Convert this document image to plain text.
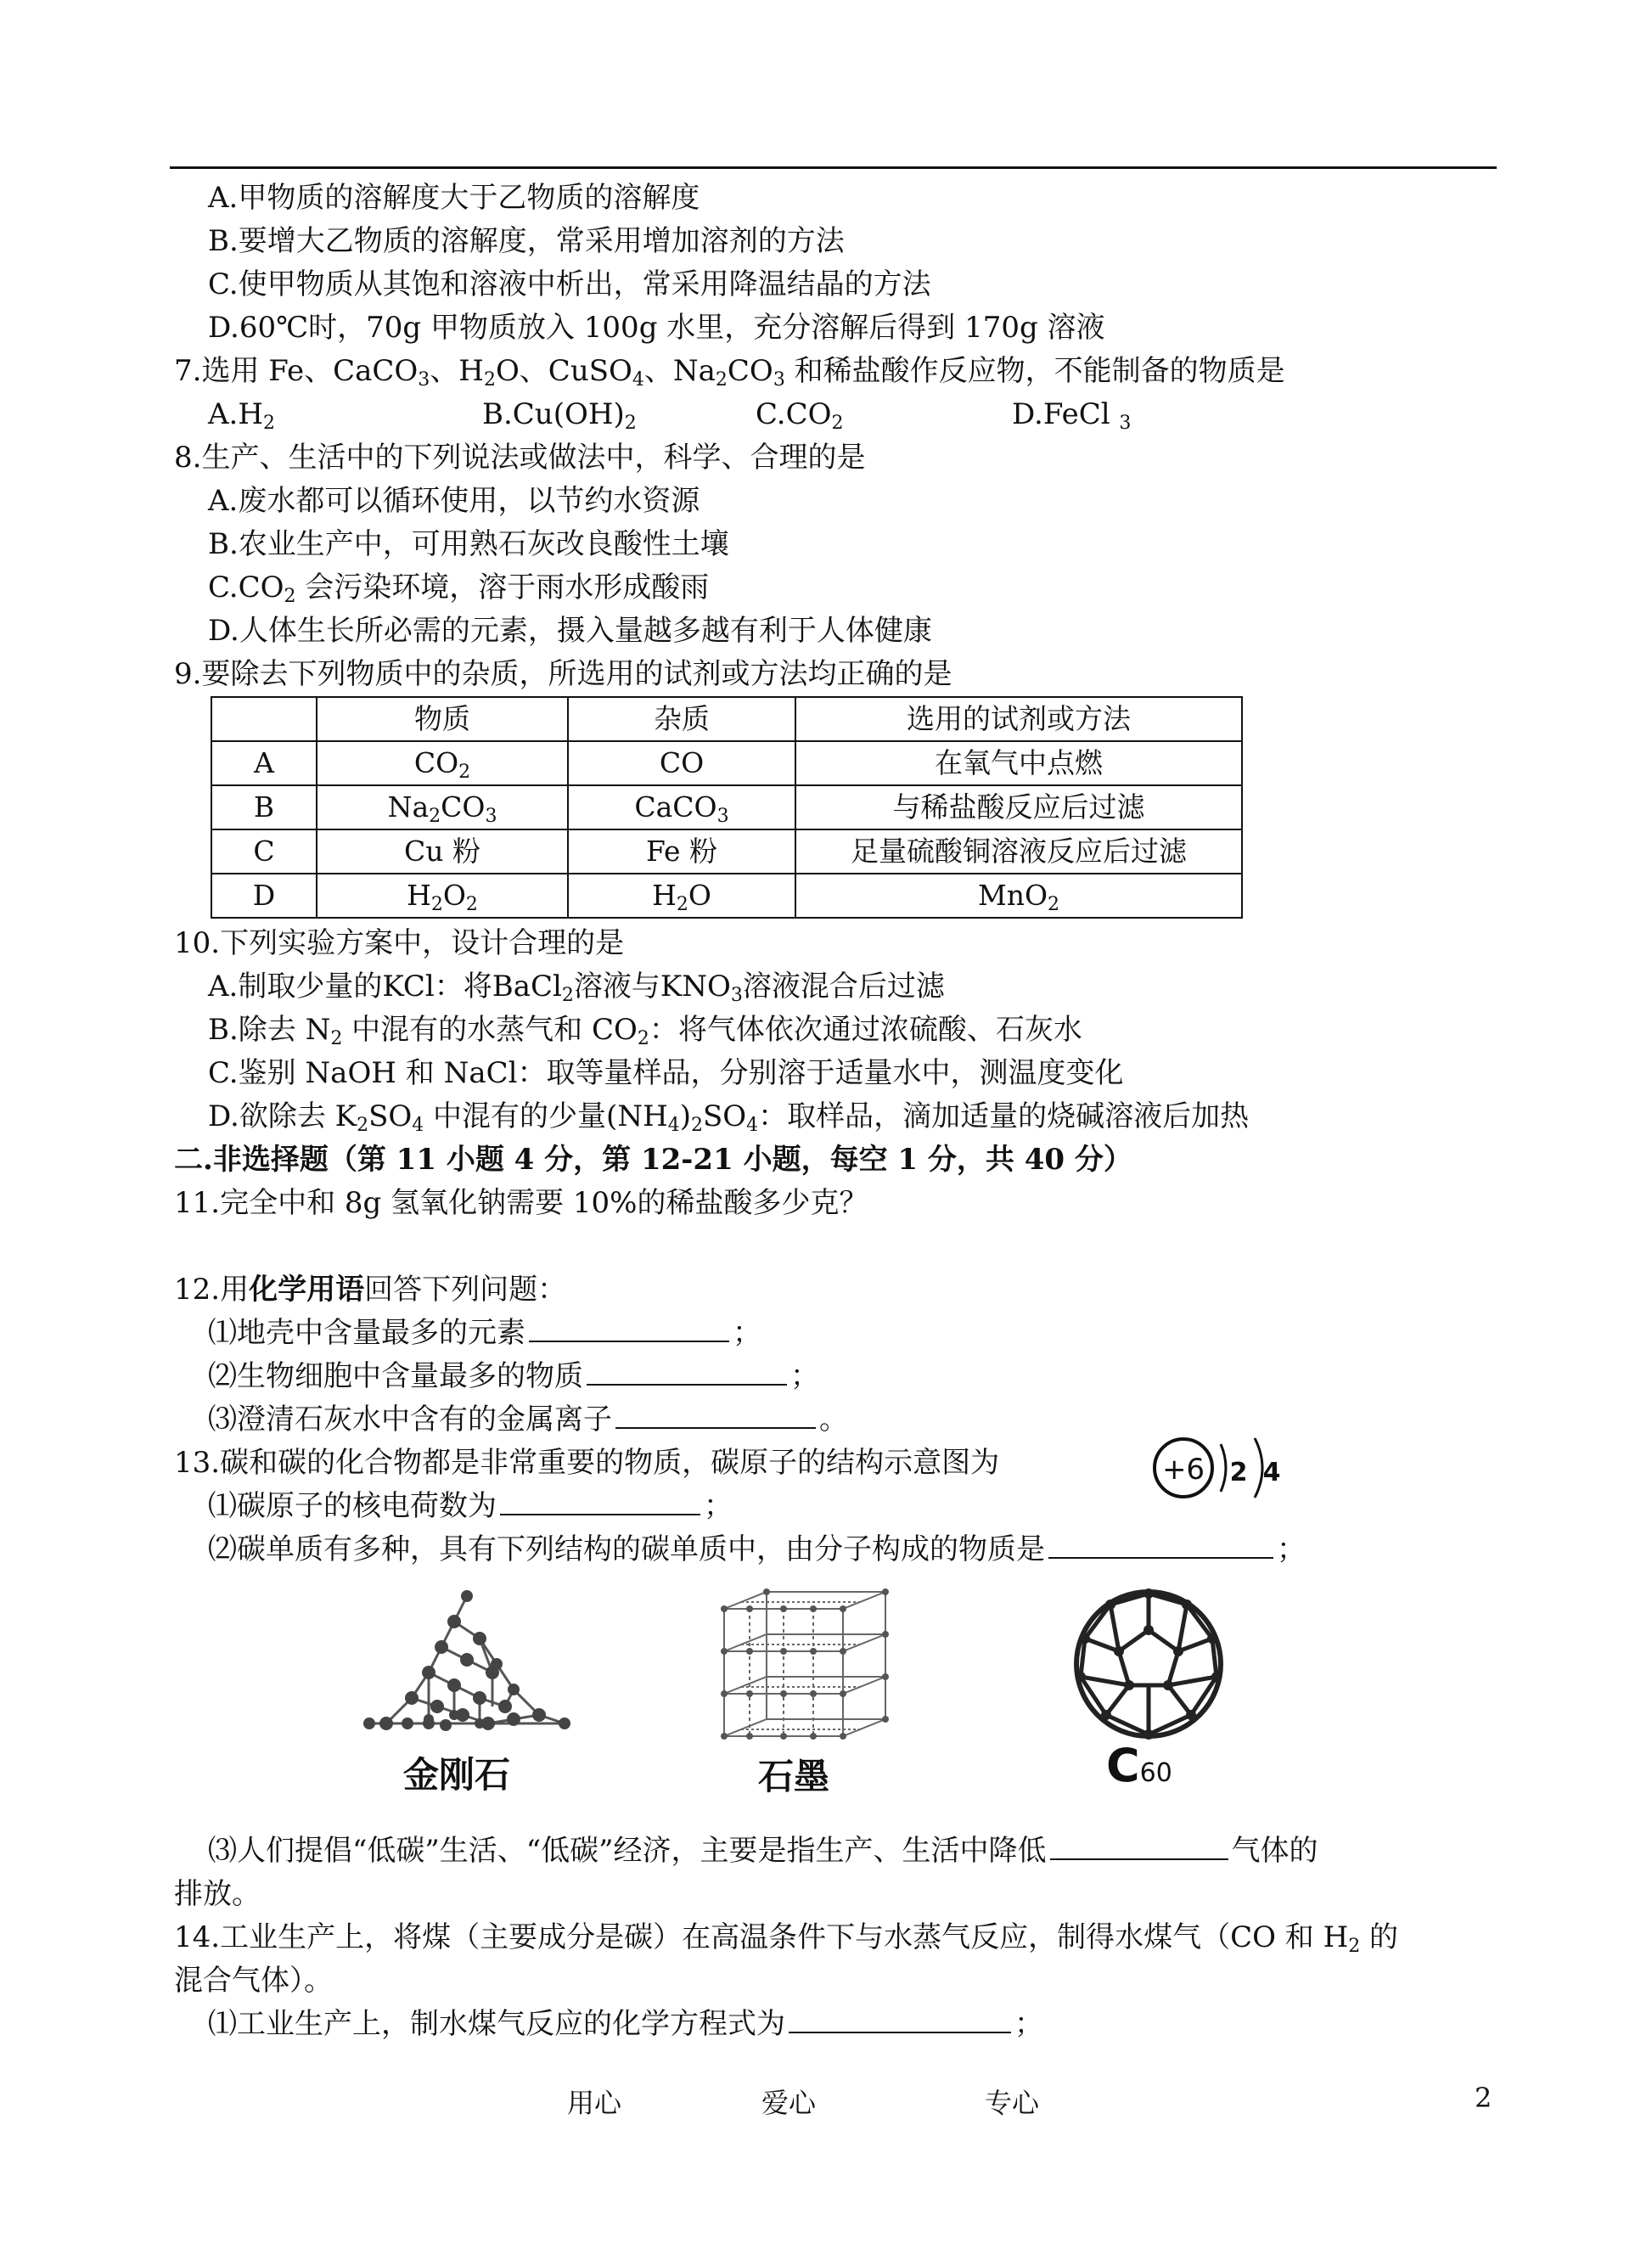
A.甲物质的溶解度大于乙物质的溶解度
B.要增大乙物质的溶解度，常采用增加溶剂的方法
C.使甲物质从其饱和溶液中析出，常采用降温结晶的方法
D.60℃时，70g 甲物质放入 100g 水里，充分溶解后得到 170g 溶液
7.选用 Fe、CaCO$_3$、$H_2O$、CuSO$_4$、$Na_2CO_3$ 和稀盐酸作反应物，不能制备的物质是
$A.H_2$	$B.Cu(OH)_2$	$C.CO_2$	D.FeCl $_3$
8.生产、生活中的下列说法或做法中，科学、合理的是
A.废水都可以循环使用，以节约水资源
B.农业生产中，可用熟石灰改良酸性土壤
$C.CO_2$ 会污染环境，溶于雨水形成酸雨
D.人体生长所必需的元素，摄入量越多越有利于人体健康
9.要除去下列物质中的杂质，所选用的试剂或方法均正确的是
	物质	杂质	选用的试剂或方法
A	$CO_2$	CO	在氧气中点燃
B	$Na_2CO_3$	CaCO$_3$	与稀盐酸反应后过滤
C	Cu 粉	Fe 粉	足量硫酸铜溶液反应后过滤
D	$H_2O_2$	$H_2O$	MnO$_2$
10.下列实验方案中，设计合理的是
A.制取少量的KCl：将BaCl$_2$溶液与$KNO_3$溶液混合后过滤
B.除去 $N_2$ 中混有的水蒸气和 $CO_2$：将气体依次通过浓硫酸、石灰水
C.鉴别 NaOH 和 NaCl：取等量样品，分别溶于适量水中，测温度变化
D.欲除去 $K_2SO_4$ 中混有的少量$(NH_4)_2SO_4$：取样品，滴加适量的烧碱溶液后加热
二.非选择题（第 11 小题 4 分，第 12-21 小题，每空 1 分，共 40 分）
11.完全中和 8g 氢氧化钠需要 10%的稀盐酸多少克？
12.用化学用语回答下列问题：
⑴地壳中含量最多的元素	；
⑵生物细胞中含量最多的物质	；
⑶澄清石灰水中含有的金属离子	。
13.碳和碳的化合物都是非常重要的物质，碳原子的结构示意图为	+6 2 4
⑴碳原子的核电荷数为	；
⑵碳单质有多种，具有下列结构的碳单质中，由分子构成的物质是	；
金刚石	石墨	C60
⑶人们提倡“低碳”生活、“低碳”经济，主要是指生产、生活中降低	气体的
排放。
14.工业生产上，将煤（主要成分是碳）在高温条件下与水蒸气反应，制得水煤气（CO 和 $H_2$ 的
混合气体）。
⑴工业生产上，制水煤气反应的化学方程式为	；
用心	爱心	专心	2
